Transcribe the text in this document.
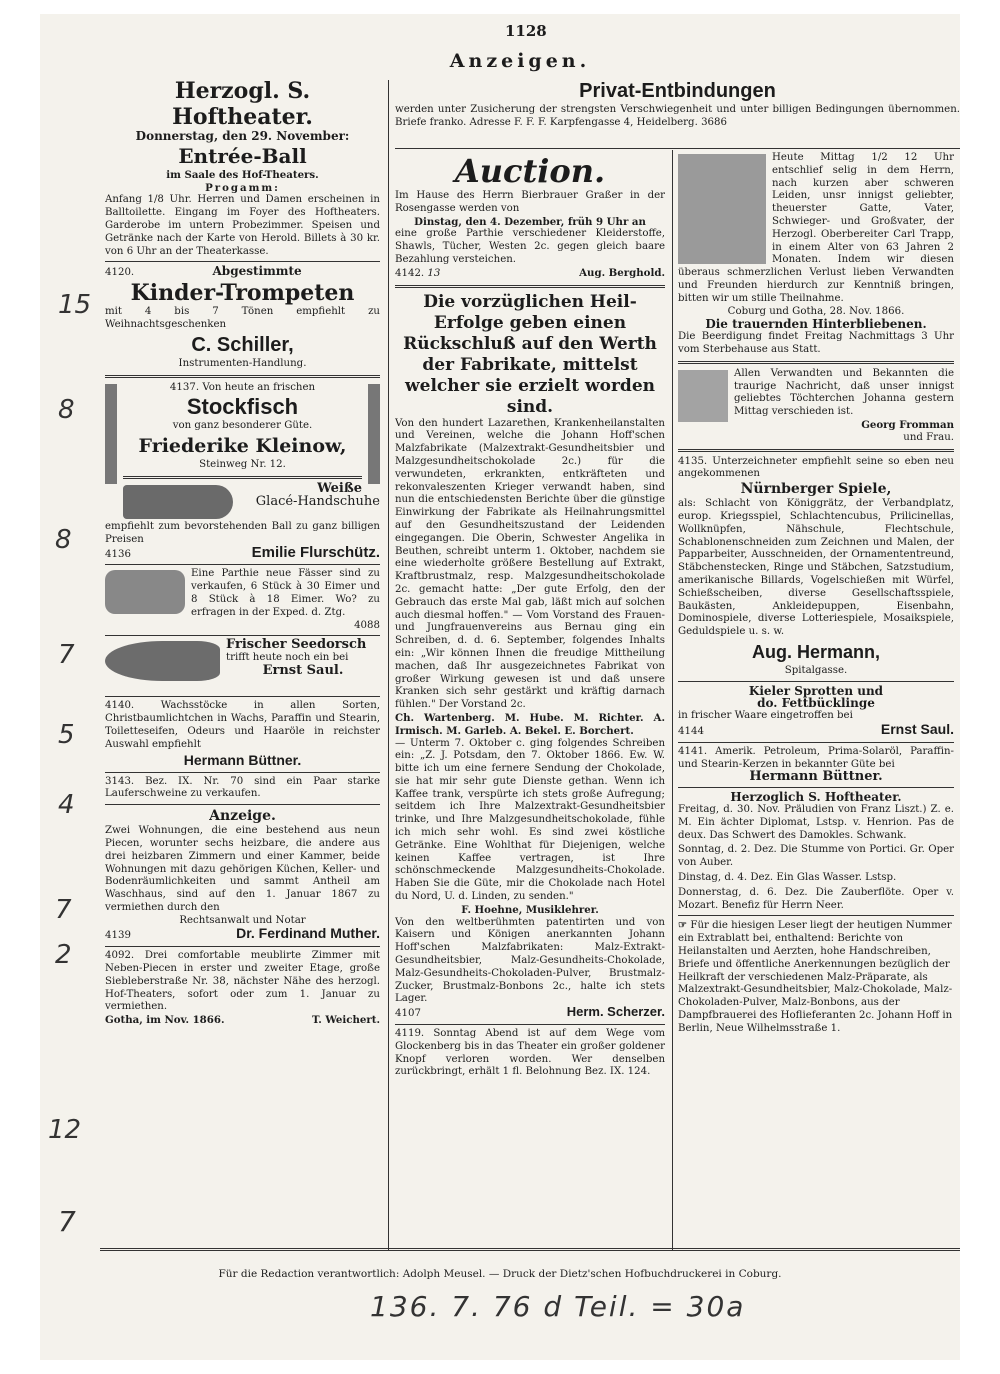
1128
Anzeigen.
Herzogl. S. Hoftheater.
Donnerstag, den 29. November:
Entrée-Ball
im Saale des Hof-Theaters.
Progamm:

Anfang 1/8 Uhr. Herren und Damen erscheinen in Balltoilette. Eingang im Foyer des Hoftheaters. Garderobe im untern Probezimmer. Speisen und Getränke nach der Karte von Herold. Billets à 30 kr. von 6 Uhr an der Theaterkasse.

4120.	Abgestimmte
Kinder-Trompeten

mit 4 bis 7 Tönen empfiehlt zu Weihnachtsgeschenken

C. Schiller,
Instrumenten-Handlung.
4137. Von heute an frischen
Stockfisch
von ganz besonderer Güte.
Friederike Kleinow,
Steinweg Nr. 12.
Weiße
Glacé-Handschuhe

empfiehlt zum bevorstehenden Ball zu ganz billigen Preisen

4136	Emilie Flurschütz.

Eine Parthie neue Fässer sind zu verkaufen, 6 Stück à 30 Eimer und 8 Stück à 18 Eimer. Wo? zu erfragen in der Exped. d. Ztg.

4088
Frischer Seedorsch
trifft heute noch ein bei
Ernst Saul.

4140.	Wachsstöcke in allen Sorten, Christbaumlichtchen in Wachs, Paraffin und Stearin, Toiletteseifen, Odeurs und Haaröle in reichster Auswahl empfiehlt

Hermann Büttner.

3143. Bez. IX. Nr. 70 sind ein Paar starke Lauferschweine zu verkaufen.

Anzeige.

Zwei Wohnungen, die eine bestehend aus neun Piecen, worunter sechs heizbare, die andere aus drei heizbaren Zimmern und einer Kammer, beide Wohnungen mit dazu gehörigen Küchen, Keller- und Bodenräumlichkeiten und sammt Antheil am Waschhaus, sind auf den 1. Januar 1867 zu vermiethen durch den

Rechtsanwalt und Notar
4139	Dr. Ferdinand Muther.

4092. Drei comfortable meublirte Zimmer mit Neben-Piecen in erster und zweiter Etage, große Siebleberstraße Nr. 38, nächster Nähe des herzogl. Hof-Theaters, sofort oder zum 1. Januar zu vermiethen.

Gotha, im Nov. 1866.	T. Weichert.
Privat-Entbindungen

werden unter Zusicherung der strengsten Verschwiegenheit und unter billigen Bedingungen übernommen. Briefe franko. Adresse F. F. F. Karpfengasse 4, Heidelberg. 3686

Auction.

Im Hause des Herrn Bierbrauer Graßer in der Rosengasse werden von

Dinstag, den 4. Dezember, früh 9 Uhr an

eine große Parthie verschiedener Kleiderstoffe, Shawls, Tücher, Westen 2c. gegen gleich baare Bezahlung versteichen.

4142. 13	Aug. Berghold.
Die vorzüglichen Heil-Erfolge geben einen Rückschluß auf den Werth der Fabrikate, mittelst welcher sie erzielt worden sind.

Von den hundert Lazarethen, Krankenheilanstalten und Vereinen, welche die Johann Hoff'schen Malzfabrikate (Malzextrakt-Gesundheitsbier und Malzgesundheitschokolade 2c.) für die verwundeten, erkrankten, entkräfteten und rekonvaleszenten Krieger verwandt haben, sind nun die entschiedensten Berichte über die günstige Einwirkung der Fabrikate als Heilnahrungsmittel auf den Gesundheitszustand der Leidenden eingegangen. Die Oberin, Schwester Angelika in Beuthen, schreibt unterm 1. Oktober, nachdem sie eine wiederholte größere Bestellung auf Extrakt, Kraftbrustmalz, resp. Malzgesundheitschokolade 2c. gemacht hatte: „Der gute Erfolg, den der Gebrauch das erste Mal gab, läßt mich auf solchen auch diesmal hoffen." — Vom Vorstand des Frauen- und Jungfrauenvereins aus Bernau ging ein Schreiben, d. d. 6. September, folgendes Inhalts ein: „Wir können Ihnen die freudige Mittheilung machen, daß Ihr ausgezeichnetes Fabrikat von großer Wirkung gewesen ist und daß unsere Kranken sich sehr gestärkt und kräftig darnach fühlen." Der Vorstand 2c.

Ch. Wartenberg. M. Hube. M. Richter. A. Irmisch. M. Garleb. A. Bekel. E. Borchert.

— Unterm 7. Oktober c. ging folgendes Schreiben ein: „Z. J. Potsdam, den 7. Oktober 1866. Ew. W. bitte ich um eine fernere Sendung der Chokolade, sie hat mir sehr gute Dienste gethan. Wenn ich Kaffee trank, verspürte ich stets große Aufregung; seitdem ich Ihre Malzextrakt-Gesundheitsbier trinke, und Ihre Malzgesundheitschokolade, fühle ich mich sehr wohl. Es sind zwei köstliche Getränke. Eine Wohlthat für Diejenigen, welche keinen Kaffee vertragen, ist Ihre schönschmeckende Malzgesundheits-Chokolade. Haben Sie die Güte, mir die Chokolade nach Hotel du Nord, U. d. Linden, zu senden."

F. Hoehne, Musiklehrer.

Von den weltberühmten patentirten und von Kaisern und Königen anerkannten Johann Hoff'schen Malzfabrikaten: Malz-Extrakt-Gesundheitsbier, Malz-Gesundheits-Chokolade, Malz-Gesundheits-Chokoladen-Pulver, Brustmalz-Zucker, Brustmalz-Bonbons 2c., halte ich stets Lager.

4107	Herm. Scherzer.

4119. Sonntag Abend ist auf dem Wege vom Glockenberg bis in das Theater ein großer goldener Knopf verloren worden. Wer denselben zurückbringt, erhält 1 fl. Belohnung Bez. IX. 124.

Heute Mittag 1/2 12 Uhr entschlief selig in dem Herrn, nach kurzen aber schweren Leiden, unsr innigst geliebter, theuerster Gatte, Vater, Schwieger- und Großvater, der Herzogl. Oberbereiter Carl Trapp, in einem Alter von 63 Jahren 2 Monaten. Indem wir diesen überaus schmerzlichen Verlust lieben Verwandten und Freunden hierdurch zur Kenntniß bringen, bitten wir um stille Theilnahme.

Coburg und Gotha, 28. Nov. 1866.
Die trauernden Hinterbliebenen.

Die Beerdigung findet Freitag Nachmittags 3 Uhr vom Sterbehause aus Statt.

Allen Verwandten und Bekannten die traurige Nachricht, daß unser innigst geliebtes Töchterchen Johanna gestern Mittag verschieden ist.

Georg Fromman
und Frau.

4135. Unterzeichneter empfiehlt seine so eben neu angekommenen

Nürnberger Spiele,

als: Schlacht von Königgrätz, der Verbandplatz, europ. Kriegsspiel, Schlachtencubus, Prilicinellas, Wollknüpfen, Nähschule, Flechtschule, Schablonenschneiden zum Zeichnen und Malen, der Papparbeiter, Ausschneiden, der Ornamententreund, Stäbchenstecken, Ringe und Stäbchen, Satzstudium, amerikanische Billards, Vogelschießen mit Würfel, Schießscheiben, diverse Gesellschaftsspiele, Baukästen, Ankleidepuppen, Eisenbahn, Dominospiele, diverse Lotteriespiele, Mosaikspiele, Geduldspiele u. s. w.

Aug. Hermann,
Spitalgasse.
Kieler Sprotten und
do. Fettbücklinge
in frischer Waare eingetroffen bei
4144	Ernst Saul.

4141. Amerik. Petroleum, Prima-Solaröl, Paraffin- und Stearin-Kerzen in bekannter Güte bei

Hermann Büttner.
Herzoglich S. Hoftheater.

Freitag, d. 30. Nov. Präludien von Franz Liszt.) Z. e. M. Ein ächter Diplomat, Lstsp. v. Henrion. Pas de deux. Das Schwert des Damokles. Schwank.

Sonntag, d. 2. Dez. Die Stumme von Portici. Gr. Oper von Auber.

Dinstag, d. 4. Dez. Ein Glas Wasser. Lstsp.

Donnerstag, d. 6. Dez. Die Zauberflöte. Oper v. Mozart. Benefiz für Herrn Neer.

☞ Für die hiesigen Leser liegt der heutigen Nummer ein Extrablatt bei, enthaltend: Berichte von Heilanstalten und Aerzten, hohe Handschreiben, Briefe und öffentliche Anerkennungen bezüglich der Heilkraft der verschiedenen Malz-Präparate, als Malzextrakt-Gesundheitsbier, Malz-Chokolade, Malz-Chokoladen-Pulver, Malz-Bonbons, aus der Dampfbrauerei des Hoflieferanten 2c. Johann Hoff in Berlin, Neue Wilhelmsstraße 1.
Für die Redaction verantwortlich: Adolph Meusel. — Druck der Dietz'schen Hofbuchdruckerei in Coburg.
15
8
8
7
5
4
7
2
12
7
136. 7. 76 d Teil. = 30a
